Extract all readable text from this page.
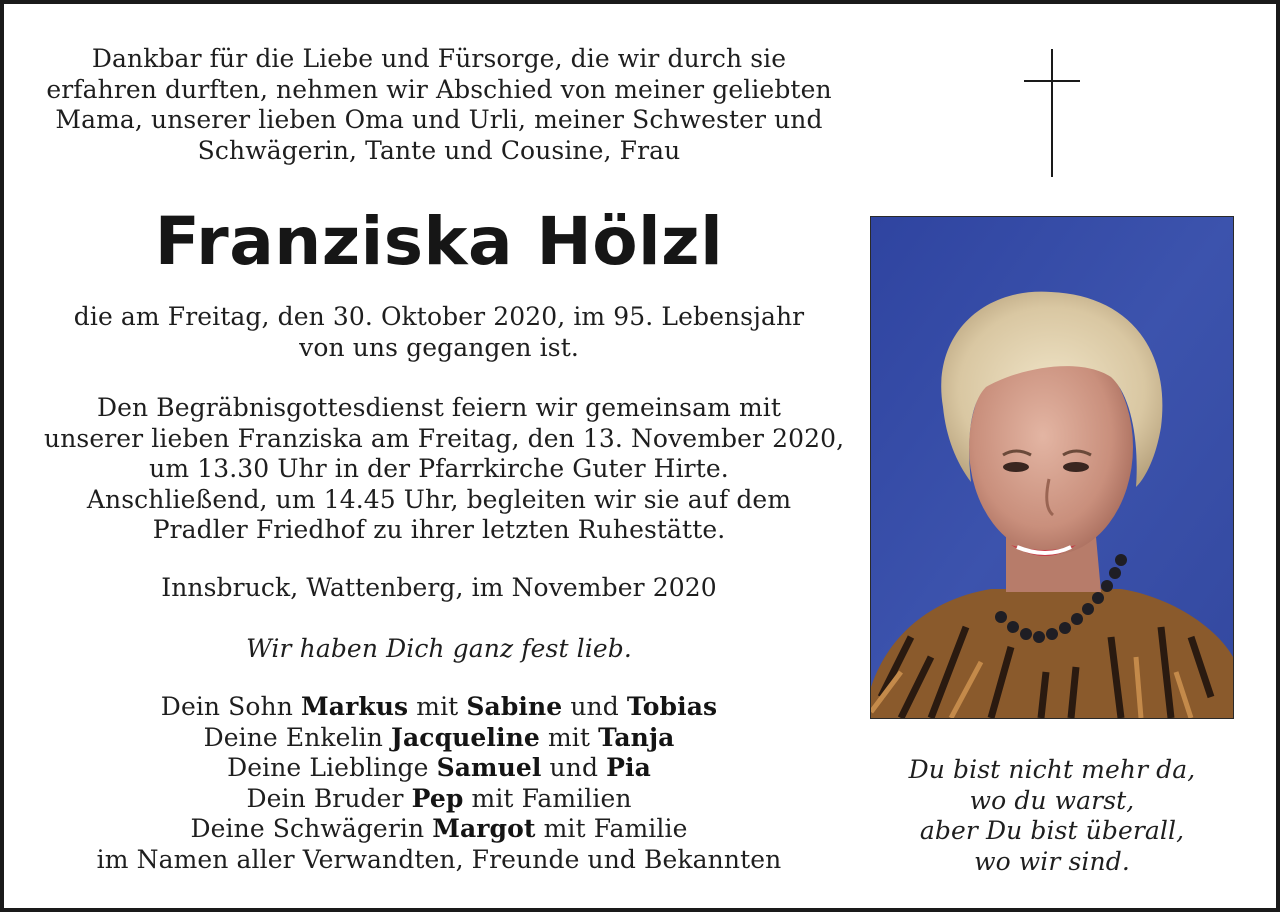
Dankbar für die Liebe und Fürsorge, die wir durch sie
erfahren durften, nehmen wir Abschied von meiner geliebten
Mama, unserer lieben Oma und Urli, meiner Schwester und
Schwägerin, Tante und Cousine, Frau
Franziska Hölzl
die am Freitag, den 30. Oktober 2020, im 95. Lebensjahr
von uns gegangen ist.
Den Begräbnisgottesdienst feiern wir gemeinsam mit
unserer lieben Franziska am Freitag, den 13. November 2020,
um 13.30 Uhr in der Pfarrkirche Guter Hirte.
Anschließend, um 14.45 Uhr, begleiten wir sie auf dem
Pradler Friedhof zu ihrer letzten Ruhestätte.
Innsbruck, Wattenberg, im November 2020
Wir haben Dich ganz fest lieb.
Dein Sohn Markus mit Sabine und Tobias
Deine Enkelin Jacqueline mit Tanja
Deine Lieblinge Samuel und Pia
Dein Bruder Pep mit Familien
Deine Schwägerin Margot mit Familie
im Namen aller Verwandten, Freunde und Bekannten
Du bist nicht mehr da,
wo du warst,
aber Du bist überall,
wo wir sind.
